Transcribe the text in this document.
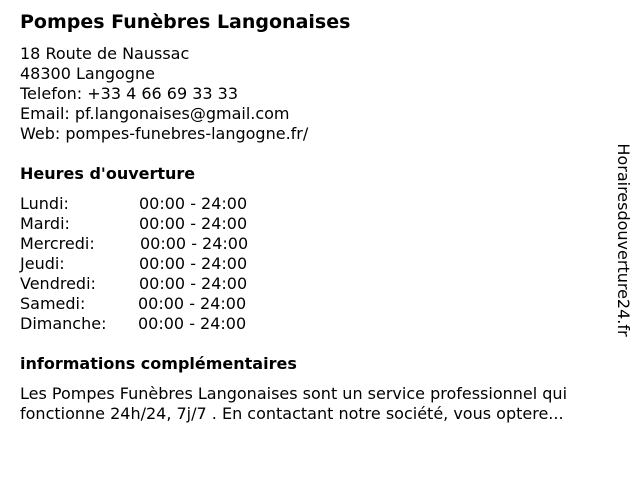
Pompes Funèbres Langonaises
18 Route de Naussac
48300 Langogne
Telefon: +33 4 66 69 33 33
Email: pf.langonaises@gmail.com
Web: pompes-funebres-langogne.fr/
Heures d'ouverture
Lundi:	00:00 - 24:00
Mardi:	00:00 - 24:00
Mercredi:	00:00 - 24:00
Jeudi:	00:00 - 24:00
Vendredi:	00:00 - 24:00
Samedi:	00:00 - 24:00
Dimanche: 00:00 - 24:00
informations complémentaires
Les Pompes Funèbres Langonaises sont un service professionnel qui
fonctionne 24h/24, 7j/7 . En contactant notre société, vous optere...
Horairesdouverture24.fr
